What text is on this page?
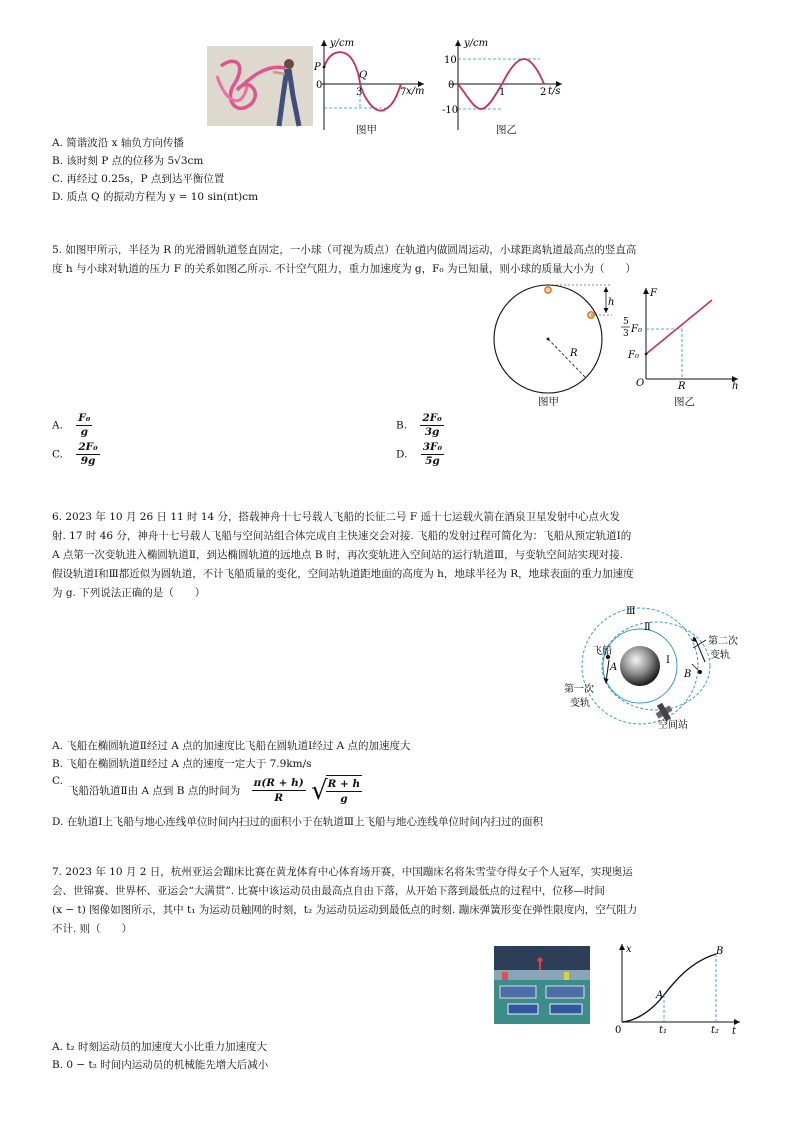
y/cm
P
0
Q
3	7 x/m
图甲
y/cm
10
0
-10
1	2 t/s
图乙
A. 简谐波沿 x 轴负方向传播
B. 该时刻 P 点的位移为 5√3cm
C. 再经过 0.25s，P 点到达平衡位置
D. 质点 Q 的振动方程为 y = 10 sin(πt)cm
5. 如图甲所示，半径为 R 的光滑圆轨道竖直固定，一小球（可视为质点）在轨道内做圆周运动，小球距离轨道最高点的竖直高
度 h 与小球对轨道的压力 F 的关系如图乙所示. 不计空气阻力，重力加速度为 g，F₀ 为已知量，则小球的质量大小为（　　）
h
R
图甲
F
5
3 F₀
F₀
O	R	h
图乙
A. $\frac{\text{F₀}}{g}$	B. $\frac{\text{2F₀}}{3g}$
C. $\frac{\text{2F₀}}{9g}$	D. $\frac{\text{3F₀}}{5g}$
6. 2023 年 10 月 26 日 11 时 14 分，搭载神舟十七号载人飞船的长征二号 F 遥十七运载火箭在酒泉卫星发射中心点火发
射. 17 时 46 分，神舟十七号载人飞船与空间站组合体完成自主快速交会对接. 飞船的发射过程可简化为：飞船从预定轨道Ⅰ的
A 点第一次变轨进入椭圆轨道Ⅱ，到达椭圆轨道的远地点 B 时，再次变轨进入空间站的运行轨道Ⅲ，与变轨空间站实现对接.
假设轨道Ⅰ和Ⅲ都近似为圆轨道，不计飞船质量的变化，空间站轨道距地面的高度为 h，地球半径为 R，地球表面的重力加速度
为 g. 下列说法正确的是（　　）
Ⅲ
Ⅱ
Ⅰ
飞船
A
B
第一次
变轨
第二次
变轨
空间站
A. 飞船在椭圆轨道Ⅱ经过 A 点的加速度比飞船在圆轨道Ⅰ经过 A 点的加速度大
B. 飞船在椭圆轨道Ⅱ经过 A 点的速度一定大于 7.9km/s
C.
飞船沿轨道Ⅱ由 A 点到 B 点的时间为 $\frac{\pi(R + h)}{R}$ √
$\frac{R + h}{g}$
D. 在轨道Ⅰ上飞船与地心连线单位时间内扫过的面积小于在轨道Ⅲ上飞船与地心连线单位时间内扫过的面积
7. 2023 年 10 月 2 日，杭州亚运会蹦床比赛在黄龙体育中心体育场开赛，中国蹦床名将朱雪莹夺得女子个人冠军，实现奥运
会、世锦赛、世界杯、亚运会“大满贯”. 比赛中该运动员由最高点自由下落，从开始下落到最低点的过程中，位移—时间
(x − t) 图像如图所示，其中 t₁ 为运动员触网的时刻，t₂ 为运动员运动到最低点的时刻. 蹦床弹簧形变在弹性限度内，空气阻力
不计. 则（　　）
x
t
0
A
B
t₁	t₂
A. t₂ 时刻运动员的加速度大小比重力加速度大
B. 0 − t₂ 时间内运动员的机械能先增大后减小
